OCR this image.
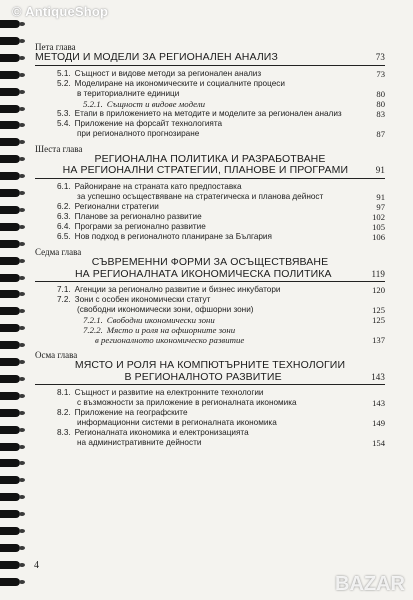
© AntiqueShop
Пета глава
МЕТОДИ И МОДЕЛИ ЗА РЕГИОНАЛЕН АНАЛИЗ	73
5.1. Същност и видове методи за регионален анализ	73
5.2. Моделиране на икономическите и социалните процеси
в териториалните единици	80
5.2.1. Същност и видове модели	80
5.3. Етапи в приложението на методите и моделите за регионален анализ	83
5.4. Приложение на форсайт технологията
при регионалното прогнозиране	87
Шеста глава
РЕГИОНАЛНА ПОЛИТИКА И РАЗРАБОТВАНЕ
НА РЕГИОНАЛНИ СТРАТЕГИИ, ПЛАНОВЕ И ПРОГРАМИ	91
6.1. Райониране на страната като предпоставка
за успешно осъществяване на стратегическа и планова дейност	91
6.2. Регионални стратегии	97
6.3. Планове за регионално развитие	102
6.4. Програми за регионално развитие	105
6.5. Нов подход в регионалното планиране за България	106
Седма глава
СЪВРЕМЕННИ ФОРМИ ЗА ОСЪЩЕСТВЯВАНЕ
НА РЕГИОНАЛНАТА ИКОНОМИЧЕСКА ПОЛИТИКА	119
7.1. Агенции за регионално развитие и бизнес инкубатори	120
7.2. Зони с особен икономически статут
(свободни икономически зони, офшорни зони)	125
7.2.1. Свободни икономически зони	125
7.2.2. Място и роля на офшорните зони
в регионалното икономическо развитие	137
Осма глава
МЯСТО И РОЛЯ НА КОМПЮТЪРНИТЕ ТЕХНОЛОГИИ
В РЕГИОНАЛНОТО РАЗВИТИЕ	143
8.1. Същност и развитие на електронните технологии
с възможности за приложение в регионалната икономика	143
8.2. Приложение на географските
информационни системи в регионалната икономика	149
8.3. Регионалната икономика и електронизацията
на административните дейности	154
4
BAZAR
